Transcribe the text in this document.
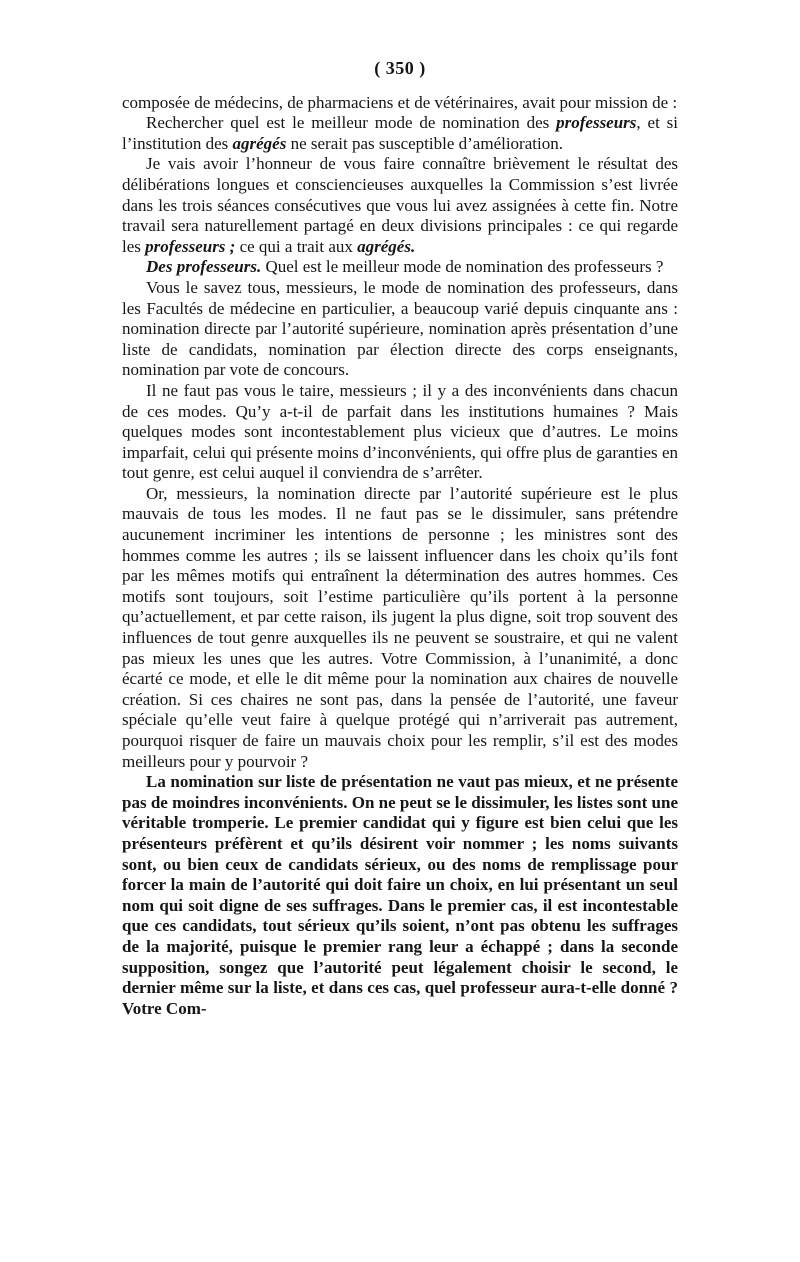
( 350 )

composée de médecins, de pharmaciens et de vétérinaires, avait pour mission de :

Rechercher quel est le meilleur mode de nomination des professeurs, et si l’institution des agrégés ne serait pas susceptible d’amélioration.

Je vais avoir l’honneur de vous faire connaître brièvement le résultat des délibérations longues et consciencieuses auxquelles la Commission s’est livrée dans les trois séances consécutives que vous lui avez assignées à cette fin. Notre travail sera naturellement partagé en deux divisions principales : ce qui regarde les professeurs ; ce qui a trait aux agrégés.

Des professeurs. Quel est le meilleur mode de nomination des professeurs ?

Vous le savez tous, messieurs, le mode de nomination des professeurs, dans les Facultés de médecine en particulier, a beaucoup varié depuis cinquante ans : nomination directe par l’autorité supérieure, nomination après présentation d’une liste de candidats, nomination par élection directe des corps enseignants, nomination par vote de concours.

Il ne faut pas vous le taire, messieurs ; il y a des inconvénients dans chacun de ces modes. Qu’y a-t-il de parfait dans les institutions humaines ? Mais quelques modes sont incontestablement plus vicieux que d’autres. Le moins imparfait, celui qui présente moins d’inconvénients, qui offre plus de garanties en tout genre, est celui auquel il conviendra de s’arrêter.

Or, messieurs, la nomination directe par l’autorité supérieure est le plus mauvais de tous les modes. Il ne faut pas se le dissimuler, sans prétendre aucunement incriminer les intentions de personne ; les ministres sont des hommes comme les autres ; ils se laissent influencer dans les choix qu’ils font par les mêmes motifs qui entraînent la détermination des autres hommes. Ces motifs sont toujours, soit l’estime particulière qu’ils portent à la personne qu’actuellement, et par cette raison, ils jugent la plus digne, soit trop souvent des influences de tout genre auxquelles ils ne peuvent se soustraire, et qui ne valent pas mieux les unes que les autres. Votre Commission, à l’unanimité, a donc écarté ce mode, et elle le dit même pour la nomination aux chaires de nouvelle création. Si ces chaires ne sont pas, dans la pensée de l’autorité, une faveur spéciale qu’elle veut faire à quelque protégé qui n’arriverait pas autrement, pourquoi risquer de faire un mauvais choix pour les remplir, s’il est des modes meilleurs pour y pourvoir ?

La nomination sur liste de présentation ne vaut pas mieux, et ne présente pas de moindres inconvénients. On ne peut se le dissimuler, les listes sont une véritable tromperie. Le premier candidat qui y figure est bien celui que les présenteurs préfèrent et qu’ils désirent voir nommer ; les noms suivants sont, ou bien ceux de candidats sérieux, ou des noms de remplissage pour forcer la main de l’autorité qui doit faire un choix, en lui présentant un seul nom qui soit digne de ses suffrages. Dans le premier cas, il est incontestable que ces candidats, tout sérieux qu’ils soient, n’ont pas obtenu les suffrages de la majorité, puisque le premier rang leur a échappé ; dans la seconde supposition, songez que l’autorité peut légalement choisir le second, le dernier même sur la liste, et dans ces cas, quel professeur aura-t-elle donné ? Votre Com-
